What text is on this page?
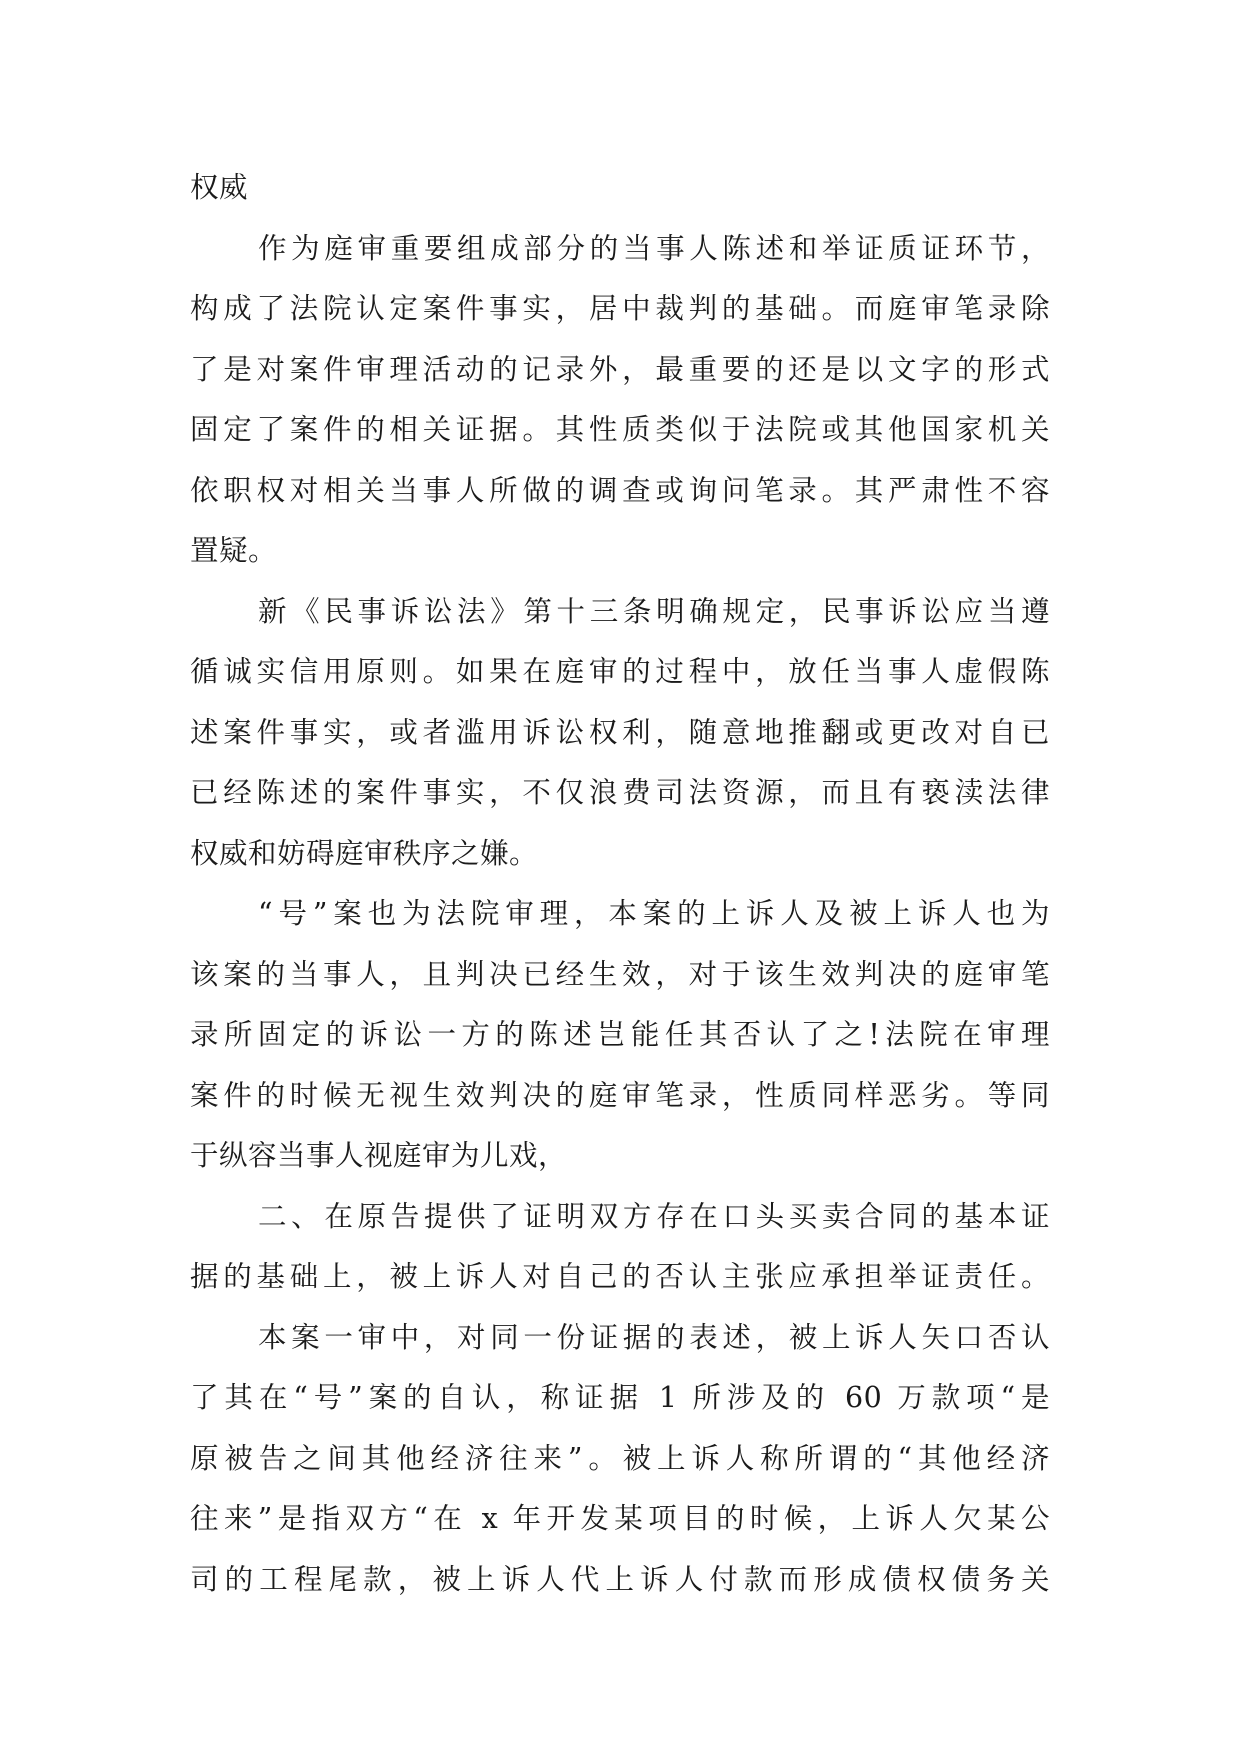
权威
作为庭审重要组成部分的当事人陈述和举证质证环节，
构成了法院认定案件事实，居中裁判的基础。而庭审笔录除
了是对案件审理活动的记录外，最重要的还是以文字的形式
固定了案件的相关证据。其性质类似于法院或其他国家机关
依职权对相关当事人所做的调查或询问笔录。其严肃性不容
置疑。
新《民事诉讼法》第十三条明确规定，民事诉讼应当遵
循诚实信用原则。如果在庭审的过程中，放任当事人虚假陈
述案件事实，或者滥用诉讼权利，随意地推翻或更改对自已
已经陈述的案件事实，不仅浪费司法资源，而且有亵渎法律
权威和妨碍庭审秩序之嫌。
“号”案也为法院审理，本案的上诉人及被上诉人也为
该案的当事人，且判决已经生效，对于该生效判决的庭审笔
录所固定的诉讼一方的陈述岂能任其否认了之!法院在审理
案件的时候无视生效判决的庭审笔录，性质同样恶劣。等同
于纵容当事人视庭审为儿戏，
二、在原告提供了证明双方存在口头买卖合同的基本证
据的基础上，被上诉人对自己的否认主张应承担举证责任。
本案一审中，对同一份证据的表述，被上诉人矢口否认
了其在“号”案的自认，称证据 1 所涉及的 60 万款项“是
原被告之间其他经济往来”。被上诉人称所谓的“其他经济
往来”是指双方“在 x 年开发某项目的时候，上诉人欠某公
司的工程尾款，被上诉人代上诉人付款而形成债权债务关
